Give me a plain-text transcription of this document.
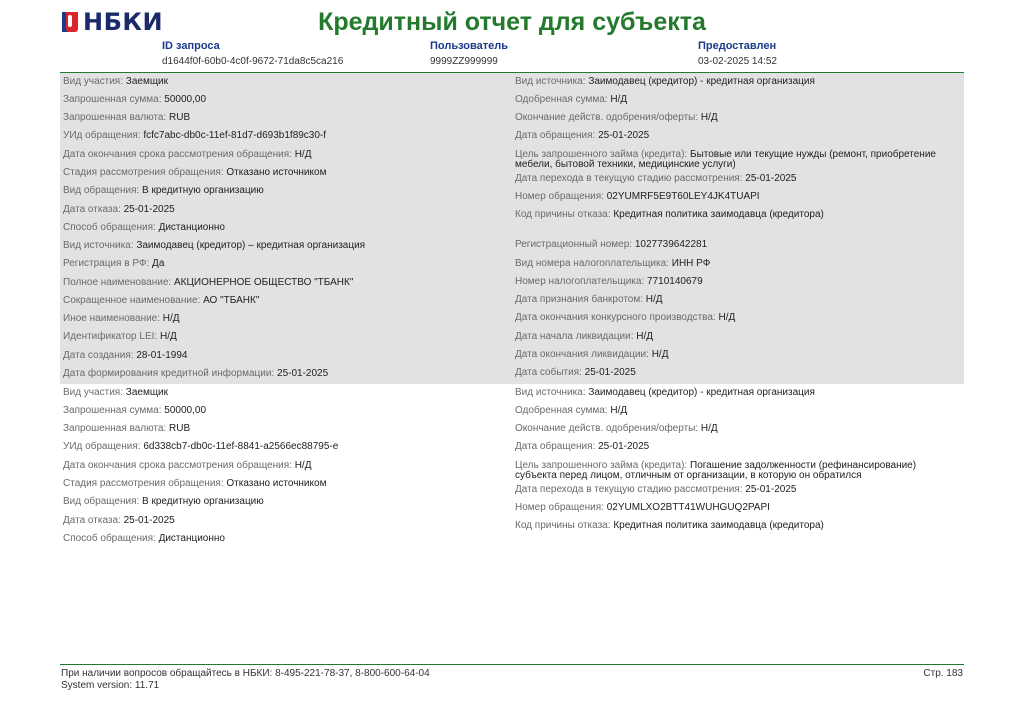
НБКИ	Кредитный отчет для субъекта
ID запроса
d1644f0f-60b0-4c0f-9672-71da8c5ca216
Пользователь
9999ZZ999999
Предоставлен
03-02-2025 14:52
Вид участия: Заемщик
Запрошенная сумма: 50000,00
Запрошенная валюта: RUB
УИд обращения: fcfc7abc-db0c-11ef-81d7-d693b1f89c30-f
Дата окончания срока рассмотрения обращения: Н/Д
Стадия рассмотрения обращения: Отказано источником
Вид обращения: В кредитную организацию
Дата отказа: 25-01-2025
Способ обращения: Дистанционно
Вид источника: Заимодавец (кредитор) – кредитная организация
Регистрация в РФ: Да
Полное наименование: АКЦИОНЕРНОЕ ОБЩЕСТВО "ТБАНК"
Сокращенное наименование: АО "ТБАНК"
Иное наименование: Н/Д
Идентификатор LEI: Н/Д
Дата создания: 28-01-1994
Дата формирования кредитной информации: 25-01-2025
Вид источника: Заимодавец (кредитор) - кредитная организация
Одобренная сумма: Н/Д
Окончание действ. одобрения/оферты: Н/Д
Дата обращения: 25-01-2025
Цель запрошенного займа (кредита): Бытовые или текущие нужды (ремонт, приобретение мебели, бытовой техники, медицинские услуги)
Дата перехода в текущую стадию рассмотрения: 25-01-2025
Номер обращения: 02YUMRF5E9T60LEY4JK4TUAPI
Код причины отказа: Кредитная политика заимодавца (кредитора)
Регистрационный номер: 1027739642281
Вид номера налогоплательщика: ИНН РФ
Номер налогоплательщика: 7710140679
Дата признания банкротом: Н/Д
Дата окончания конкурсного производства: Н/Д
Дата начала ликвидации: Н/Д
Дата окончания ликвидации: Н/Д
Дата события: 25-01-2025
Вид участия: Заемщик
Запрошенная сумма: 50000,00
Запрошенная валюта: RUB
УИд обращения: 6d338cb7-db0c-11ef-8841-a2566ec88795-e
Дата окончания срока рассмотрения обращения: Н/Д
Стадия рассмотрения обращения: Отказано источником
Вид обращения: В кредитную организацию
Дата отказа: 25-01-2025
Способ обращения: Дистанционно
Вид источника: Заимодавец (кредитор) - кредитная организация
Одобренная сумма: Н/Д
Окончание действ. одобрения/оферты: Н/Д
Дата обращения: 25-01-2025
Цель запрошенного займа (кредита): Погашение задолженности (рефинансирование) субъекта перед лицом, отличным от организации, в которую он обратился
Дата перехода в текущую стадию рассмотрения: 25-01-2025
Номер обращения: 02YUMLXO2BTT41WUHGUQ2PAPI
Код причины отказа: Кредитная политика заимодавца (кредитора)
При наличии вопросов обращайтесь в НБКИ: 8-495-221-78-37, 8-800-600-64-04
System version: 11.71
Стр. 183
